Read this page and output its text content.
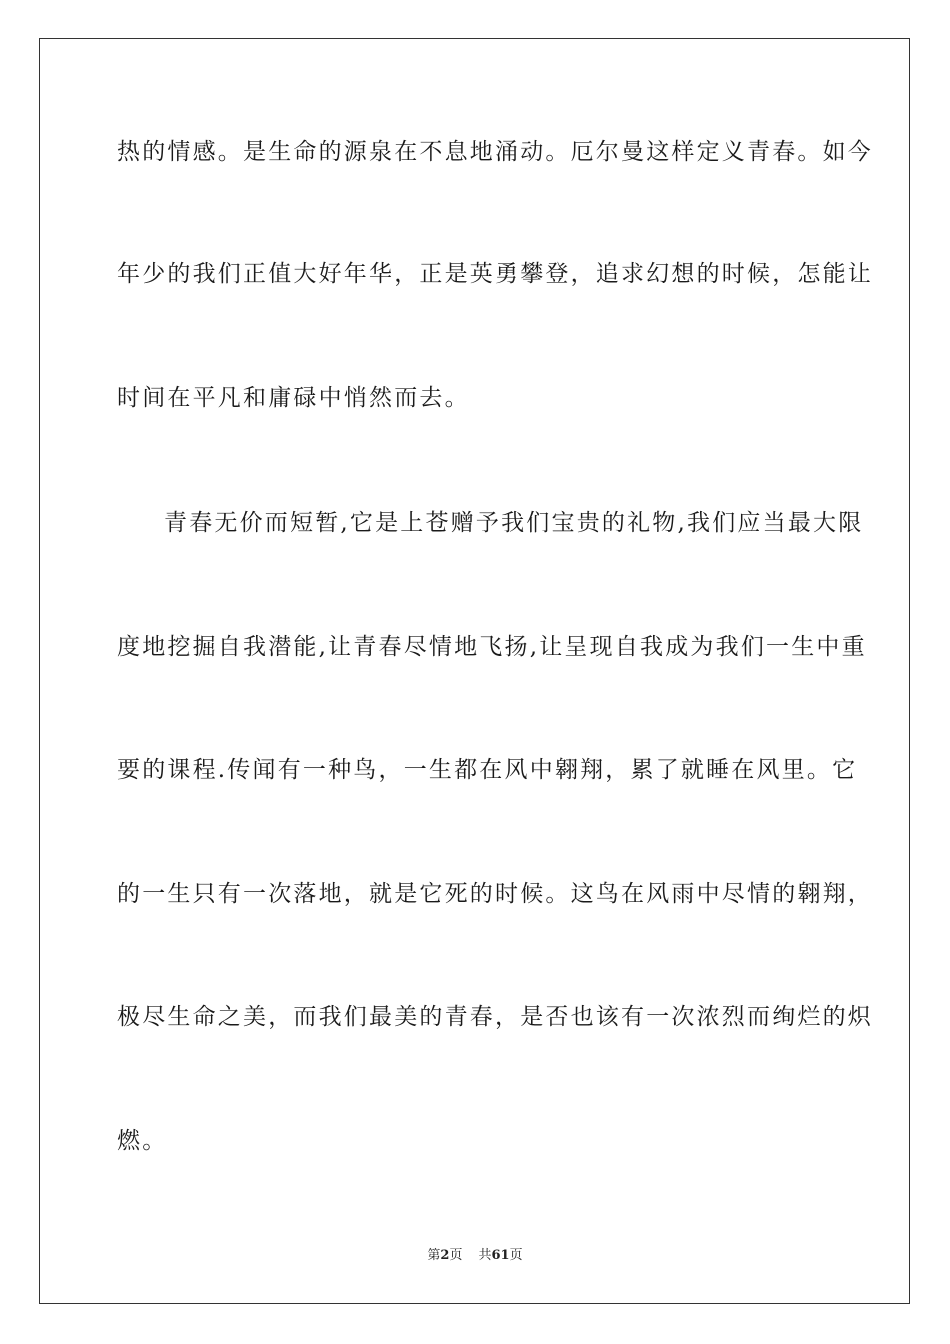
热的情感。是生命的源泉在不息地涌动。厄尔曼这样定义青春。如今
年少的我们正值大好年华，正是英勇攀登，追求幻想的时候，怎能让
时间在平凡和庸碌中悄然而去。
青春无价而短暂,它是上苍赠予我们宝贵的礼物,我们应当最大限
度地挖掘自我潜能,让青春尽情地飞扬,让呈现自我成为我们一生中重
要的课程.传闻有一种鸟，一生都在风中翱翔，累了就睡在风里。它
的一生只有一次落地，就是它死的时候。这鸟在风雨中尽情的翱翔，
极尽生命之美，而我们最美的青春，是否也该有一次浓烈而绚烂的炽
燃。
第2页 共61页
